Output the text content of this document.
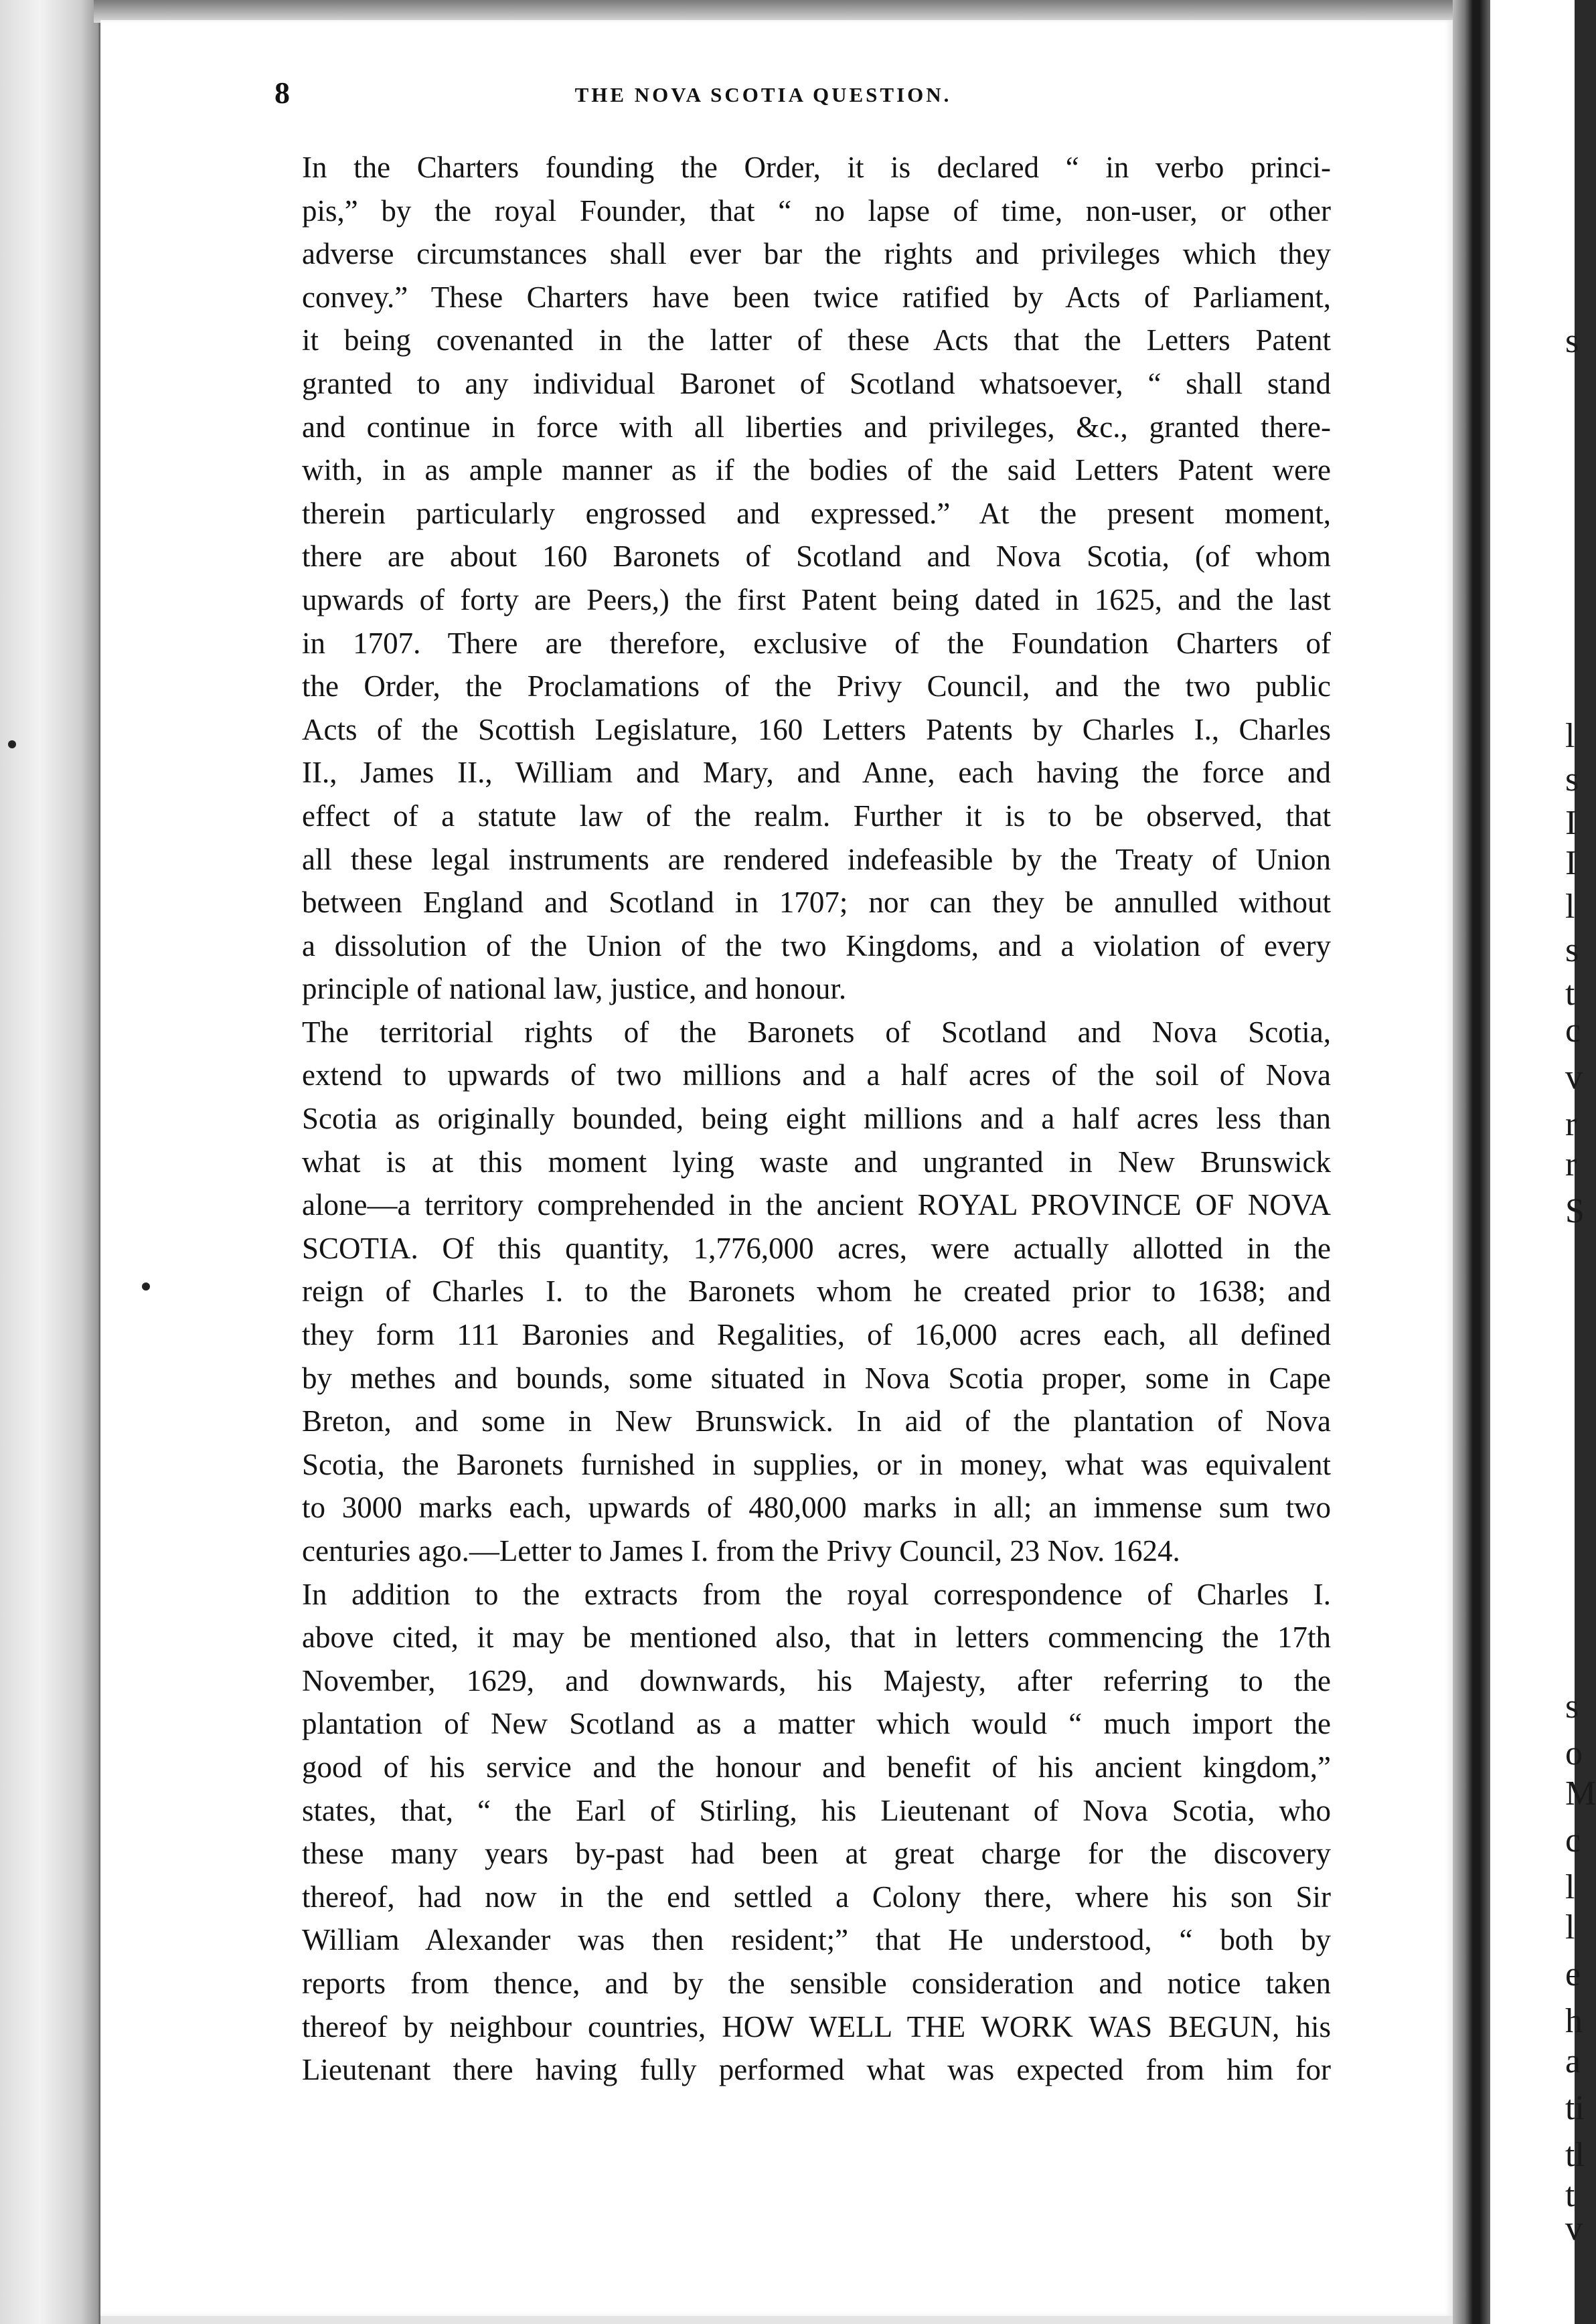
8	THE NOVA SCOTIA QUESTION.

In the Charters founding the Order, it is declared “ in verbo princi-
pis,” by the royal Founder, that “ no lapse of time, non-user, or other
adverse circumstances shall ever bar the rights and privileges which they
convey.” These Charters have been twice ratified by Acts of Parliament,
it being covenanted in the latter of these Acts that the Letters Patent
granted to any individual Baronet of Scotland whatsoever, “ shall stand
and continue in force with all liberties and privileges, &c., granted there-
with, in as ample manner as if the bodies of the said Letters Patent were
therein particularly engrossed and expressed.” At the present moment,
there are about 160 Baronets of Scotland and Nova Scotia, (of whom
upwards of forty are Peers,) the first Patent being dated in 1625, and the last
in 1707. There are therefore, exclusive of the Foundation Charters of
the Order, the Proclamations of the Privy Council, and the two public
Acts of the Scottish Legislature, 160 Letters Patents by Charles I., Charles
II., James II., William and Mary, and Anne, each having the force and
effect of a statute law of the realm. Further it is to be observed, that
all these legal instruments are rendered indefeasible by the Treaty of Union
between England and Scotland in 1707; nor can they be annulled without
a dissolution of the Union of the two Kingdoms, and a violation of every
principle of national law, justice, and honour.

The territorial rights of the Baronets of Scotland and Nova Scotia,
extend to upwards of two millions and a half acres of the soil of Nova
Scotia as originally bounded, being eight millions and a half acres less than
what is at this moment lying waste and ungranted in New Brunswick
alone—a territory comprehended in the ancient ROYAL PROVINCE OF NOVA
SCOTIA. Of this quantity, 1,776,000 acres, were actually allotted in the
reign of Charles I. to the Baronets whom he created prior to 1638; and
they form 111 Baronies and Regalities, of 16,000 acres each, all defined
by methes and bounds, some situated in Nova Scotia proper, some in Cape
Breton, and some in New Brunswick. In aid of the plantation of Nova
Scotia, the Baronets furnished in supplies, or in money, what was equivalent
to 3000 marks each, upwards of 480,000 marks in all; an immense sum two
centuries ago.—Letter to James I. from the Privy Council, 23 Nov. 1624.

In addition to the extracts from the royal correspondence of Charles I.
above cited, it may be mentioned also, that in letters commencing the 17th
November, 1629, and downwards, his Majesty, after referring to the
plantation of New Scotland as a matter which would “ much import the
good of his service and the honour and benefit of his ancient kingdom,”
states, that, “ the Earl of Stirling, his Lieutenant of Nova Scotia, who
these many years by-past had been at great charge for the discovery
thereof, had now in the end settled a Colony there, where his son Sir
William Alexander was then resident;” that He understood, “ both by
reports from thence, and by the sensible consideration and notice taken
thereof by neighbour countries, HOW WELL THE WORK WAS BEGUN, his
Lieutenant there having fully performed what was expected from him for

s
l
s
I
I
l
s
t
c
v
r
r
S
s
o
M
c
l
l
e
h
a
ti
tl
t
v
